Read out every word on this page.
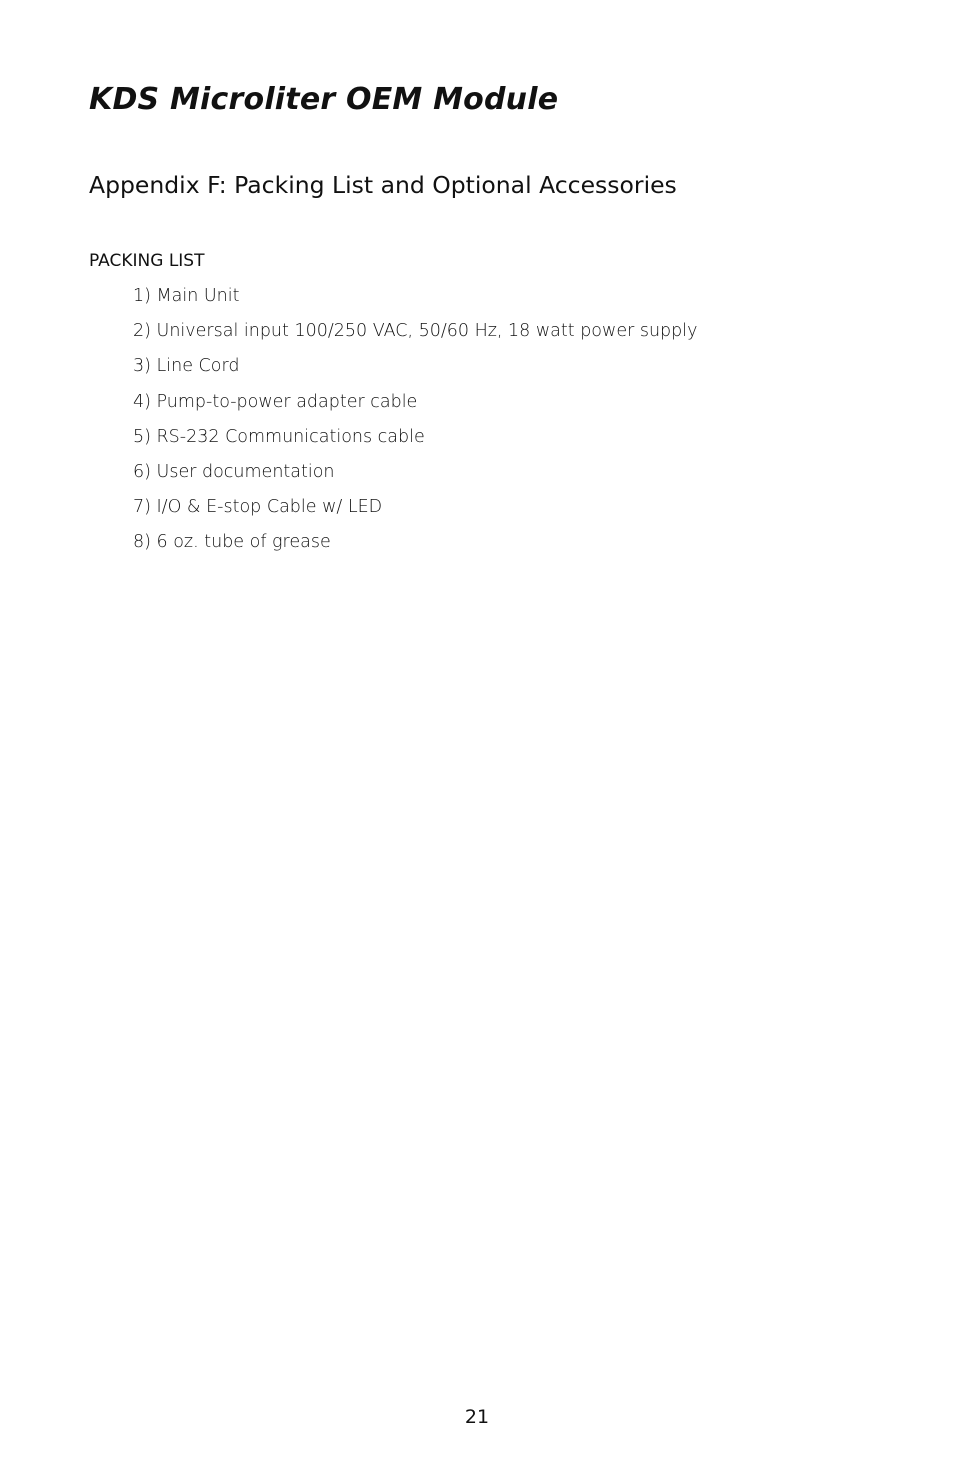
KDS Microliter OEM Module
Appendix F: Packing List and Optional Accessories
PACKING LIST
1) Main Unit
2) Universal input 100/250 VAC, 50/60 Hz, 18 watt power supply
3) Line Cord
4) Pump-to-power adapter cable
5) RS-232 Communications cable
6) User documentation
7) I/O & E-stop Cable w/ LED
8) 6 oz. tube of grease
21
